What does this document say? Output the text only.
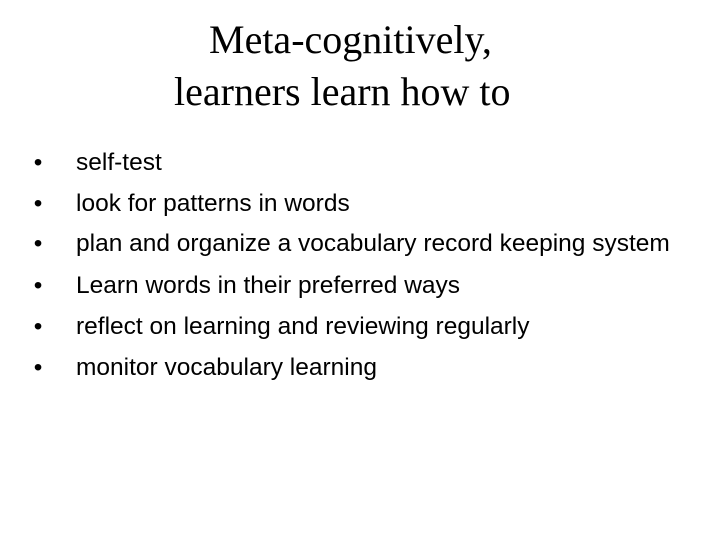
Meta-cognitively,
learners learn how to
• self-test
• look for patterns in words
• plan and organize a vocabulary record keeping system
• Learn words in their preferred ways
• reflect on learning and reviewing regularly
• monitor vocabulary learning
